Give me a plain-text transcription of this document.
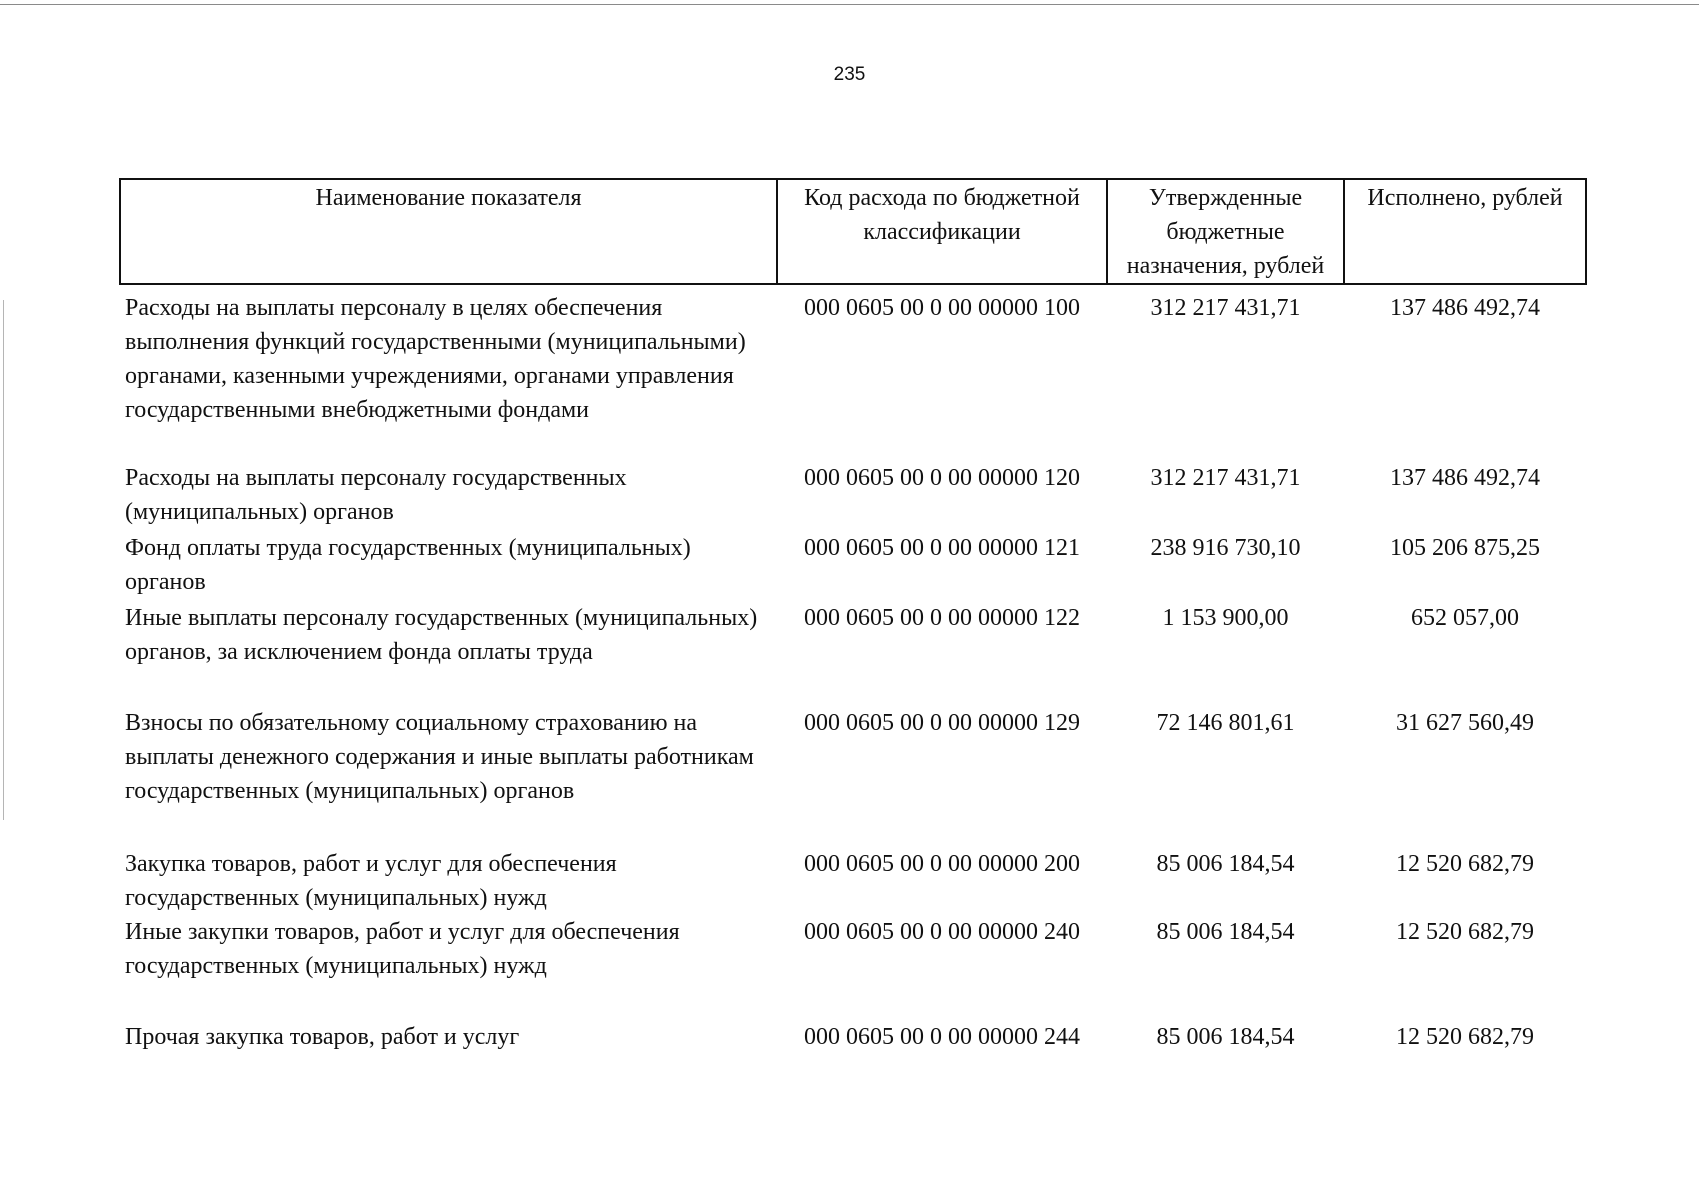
235
Наименование показателя	Код расхода по бюджетной классификации	Утвержденные бюджетные назначения, рублей	Исполнено, рублей
Расходы на выплаты персоналу в целях обеспечения выполнения функций государственными (муниципальными) органами, казенными учреждениями, органами управления государственными внебюджетными фондами	000 0605 00 0 00 00000 100	312 217 431,71	137 486 492,74
Расходы на выплаты персоналу государственных (муниципальных) органов	000 0605 00 0 00 00000 120	312 217 431,71	137 486 492,74
Фонд оплаты труда государственных (муниципальных) органов	000 0605 00 0 00 00000 121	238 916 730,10	105 206 875,25
Иные выплаты персоналу государственных (муниципальных) органов, за исключением фонда оплаты труда	000 0605 00 0 00 00000 122	1 153 900,00	652 057,00
Взносы по обязательному социальному страхованию на выплаты денежного содержания и иные выплаты работникам государственных (муниципальных) органов	000 0605 00 0 00 00000 129	72 146 801,61	31 627 560,49
Закупка товаров, работ и услуг для обеспечения государственных (муниципальных) нужд	000 0605 00 0 00 00000 200	85 006 184,54	12 520 682,79
Иные закупки товаров, работ и услуг для обеспечения государственных (муниципальных) нужд	000 0605 00 0 00 00000 240	85 006 184,54	12 520 682,79
Прочая закупка товаров, работ и услуг	000 0605 00 0 00 00000 244	85 006 184,54	12 520 682,79
